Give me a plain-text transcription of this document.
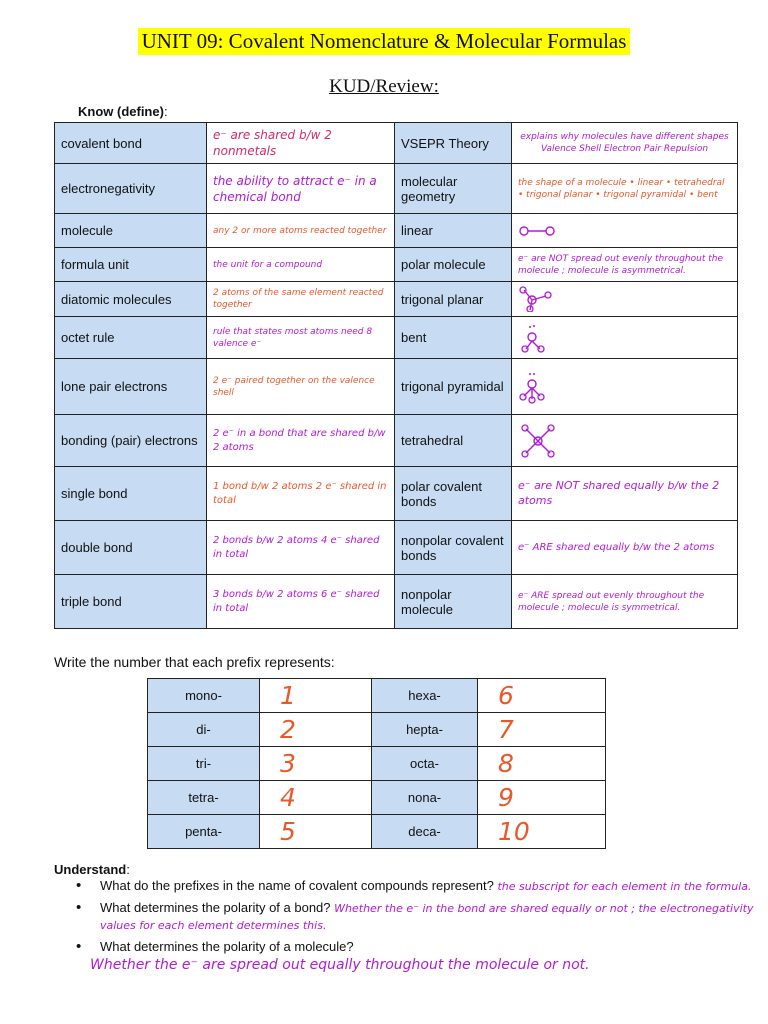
UNIT 09: Covalent Nomenclature & Molecular Formulas
KUD/Review:
Know (define):
covalent bond	e⁻ are shared b/w 2 nonmetals	VSEPR Theory	explains why molecules have different shapes Valence Shell Electron Pair Repulsion
electronegativity	the ability to attract e⁻ in a chemical bond	molecular geometry	the shape of a molecule • linear • tetrahedral • trigonal planar • trigonal pyramidal • bent
molecule	any 2 or more atoms reacted together	linear	

formula unit	the unit for a compound	polar molecule	e⁻ are NOT spread out evenly throughout the molecule ; molecule is asymmetrical.
diatomic molecules	2 atoms of the same element reacted together	trigonal planar	

octet rule	rule that states most atoms need 8 valence e⁻	bent	

lone pair electrons	2 e⁻ paired together on the valence shell	trigonal pyramidal	

bonding (pair) electrons	2 e⁻ in a bond that are shared b/w 2 atoms	tetrahedral	

single bond	1 bond b/w 2 atoms 2 e⁻ shared in total	polar covalent bonds	e⁻ are NOT shared equally b/w the 2 atoms
double bond	2 bonds b/w 2 atoms 4 e⁻ shared in total	nonpolar covalent bonds	e⁻ ARE shared equally b/w the 2 atoms
triple bond	3 bonds b/w 2 atoms 6 e⁻ shared in total	nonpolar molecule	e⁻ ARE spread out evenly throughout the molecule ; molecule is symmetrical.
Write the number that each prefix represents:
mono-	1	hexa-	6
di-	2	hepta-	7
tri-	3	octa-	8
tetra-	4	nona-	9
penta-	5	deca-	10
Understand:
• What do the prefixes in the name of covalent compounds represent? the subscript for each element in the formula.
• What determines the polarity of a bond? Whether the e⁻ in the bond are shared equally or not ; the electronegativity values for each element determines this.
• What determines the polarity of a molecule?
Whether the e⁻ are spread out equally throughout the molecule or not.
